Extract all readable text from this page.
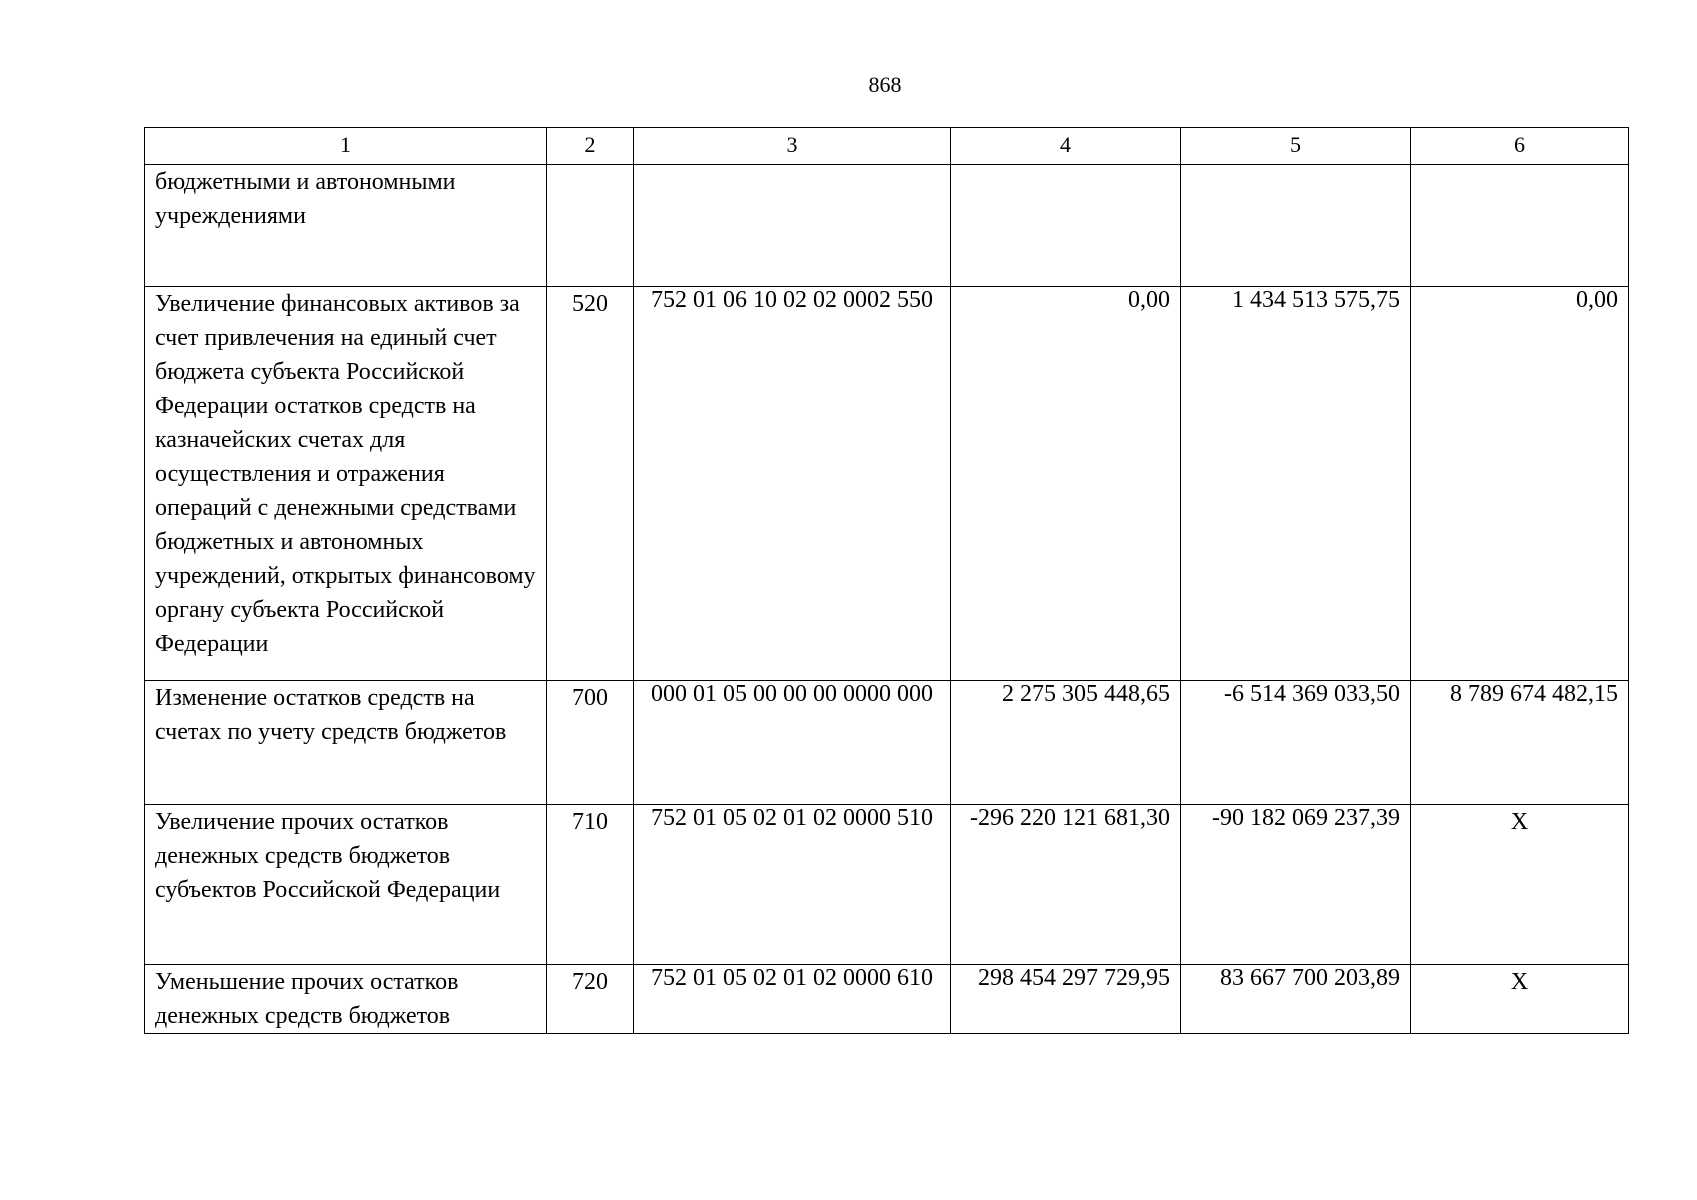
868
1	2	3	4	5	6
бюджетными и автономными учреждениями					
Увеличение финансовых активов за счет привлечения на единый счет бюджета субъекта Российской Федерации остатков средств на казначейских счетах для осуществления и отражения операций с денежными средствами бюджетных и автономных учреждений, открытых финансовому органу субъекта Российской Федерации	520	752 01 06 10 02 02 0002 550	0,00	1 434 513 575,75	0,00
Изменение остатков средств на счетах по учету средств бюджетов	700	000 01 05 00 00 00 0000 000	2 275 305 448,65	-6 514 369 033,50	8 789 674 482,15
Увеличение прочих остатков денежных средств бюджетов субъектов Российской Федерации	710	752 01 05 02 01 02 0000 510	-296 220 121 681,30	-90 182 069 237,39	X
Уменьшение прочих остатков денежных средств бюджетов	720	752 01 05 02 01 02 0000 610	298 454 297 729,95	83 667 700 203,89	X
